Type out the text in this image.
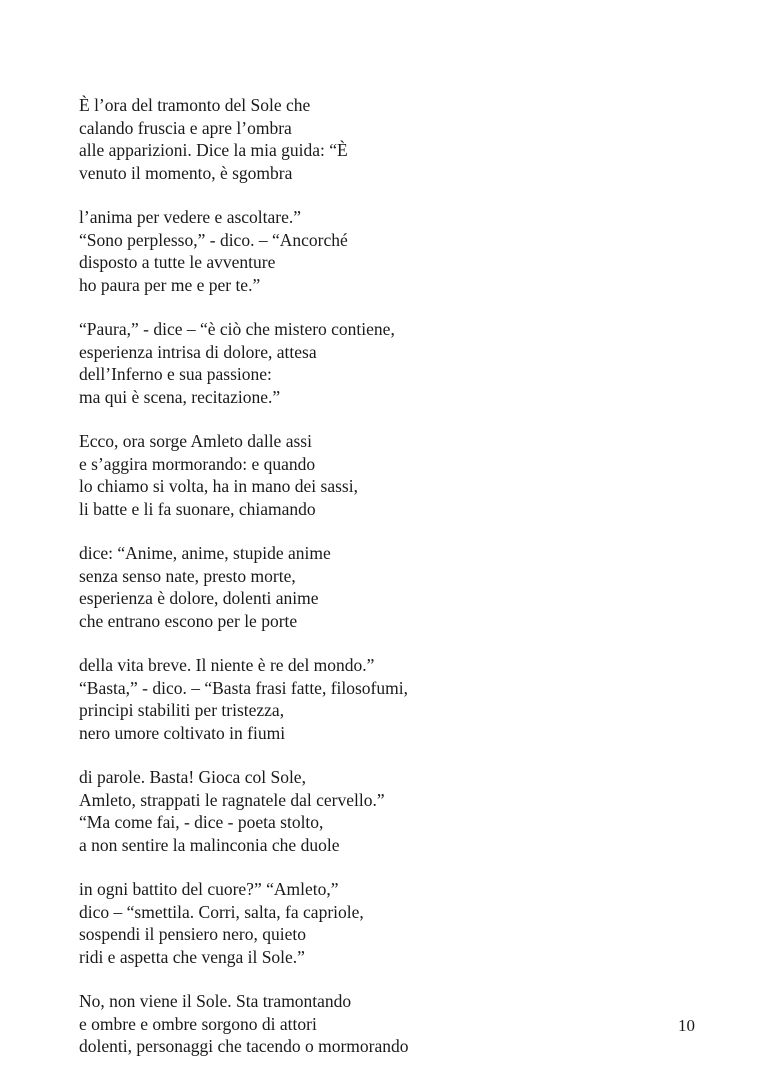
È l’ora del tramonto del Sole che
calando fruscia e apre l’ombra
alle apparizioni. Dice la mia guida: “È
venuto il momento, è sgombra
l’anima per vedere e ascoltare.”
“Sono perplesso,” - dico. – “Ancorché
disposto a tutte le avventure
ho paura per me e per te.”
“Paura,” - dice – “è ciò che mistero contiene,
esperienza intrisa di dolore, attesa
dell’Inferno e sua passione:
ma qui è scena, recitazione.”
Ecco, ora sorge Amleto dalle assi
e s’aggira mormorando: e quando
lo chiamo si volta, ha in mano dei sassi,
li batte e li fa suonare, chiamando
dice: “Anime, anime, stupide anime
senza senso nate, presto morte,
esperienza è dolore, dolenti anime
che entrano escono per le porte
della vita breve. Il niente è re del mondo.”
“Basta,” - dico. – “Basta frasi fatte, filosofumi,
principi stabiliti per tristezza,
nero umore coltivato in fiumi
di parole. Basta! Gioca col Sole,
Amleto, strappati le ragnatele dal cervello.”
“Ma come fai, - dice - poeta stolto,
a non sentire la malinconia che duole
in ogni battito del cuore?” “Amleto,”
dico – “smettila. Corri, salta, fa capriole,
sospendi il pensiero nero, quieto
ridi e aspetta che venga il Sole.”
No, non viene il Sole. Sta tramontando
e ombre e ombre sorgono di attori
dolenti, personaggi che tacendo o mormorando
10
